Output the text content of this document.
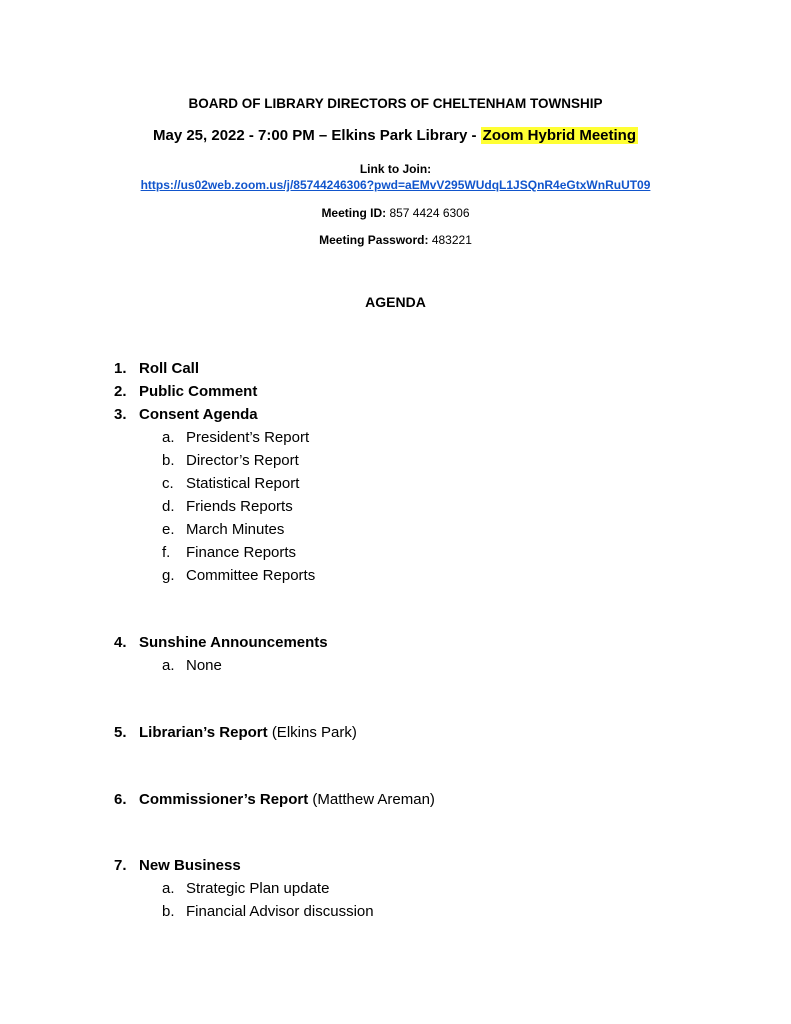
BOARD OF LIBRARY DIRECTORS OF CHELTENHAM TOWNSHIP
May 25, 2022 - 7:00 PM – Elkins Park Library - Zoom Hybrid Meeting
Link to Join:
https://us02web.zoom.us/j/85744246306?pwd=aEMvV295WUdqL1JSQnR4eGtxWnRuUT09
Meeting ID: 857 4424 6306
Meeting Password: 483221
AGENDA
1. Roll Call
2. Public Comment
3. Consent Agenda
a. President’s Report
b. Director’s Report
c. Statistical Report
d. Friends Reports
e. March Minutes
f. Finance Reports
g. Committee Reports
4. Sunshine Announcements
a. None
5. Librarian’s Report (Elkins Park)
6. Commissioner’s Report (Matthew Areman)
7. New Business
a. Strategic Plan update
b. Financial Advisor discussion
